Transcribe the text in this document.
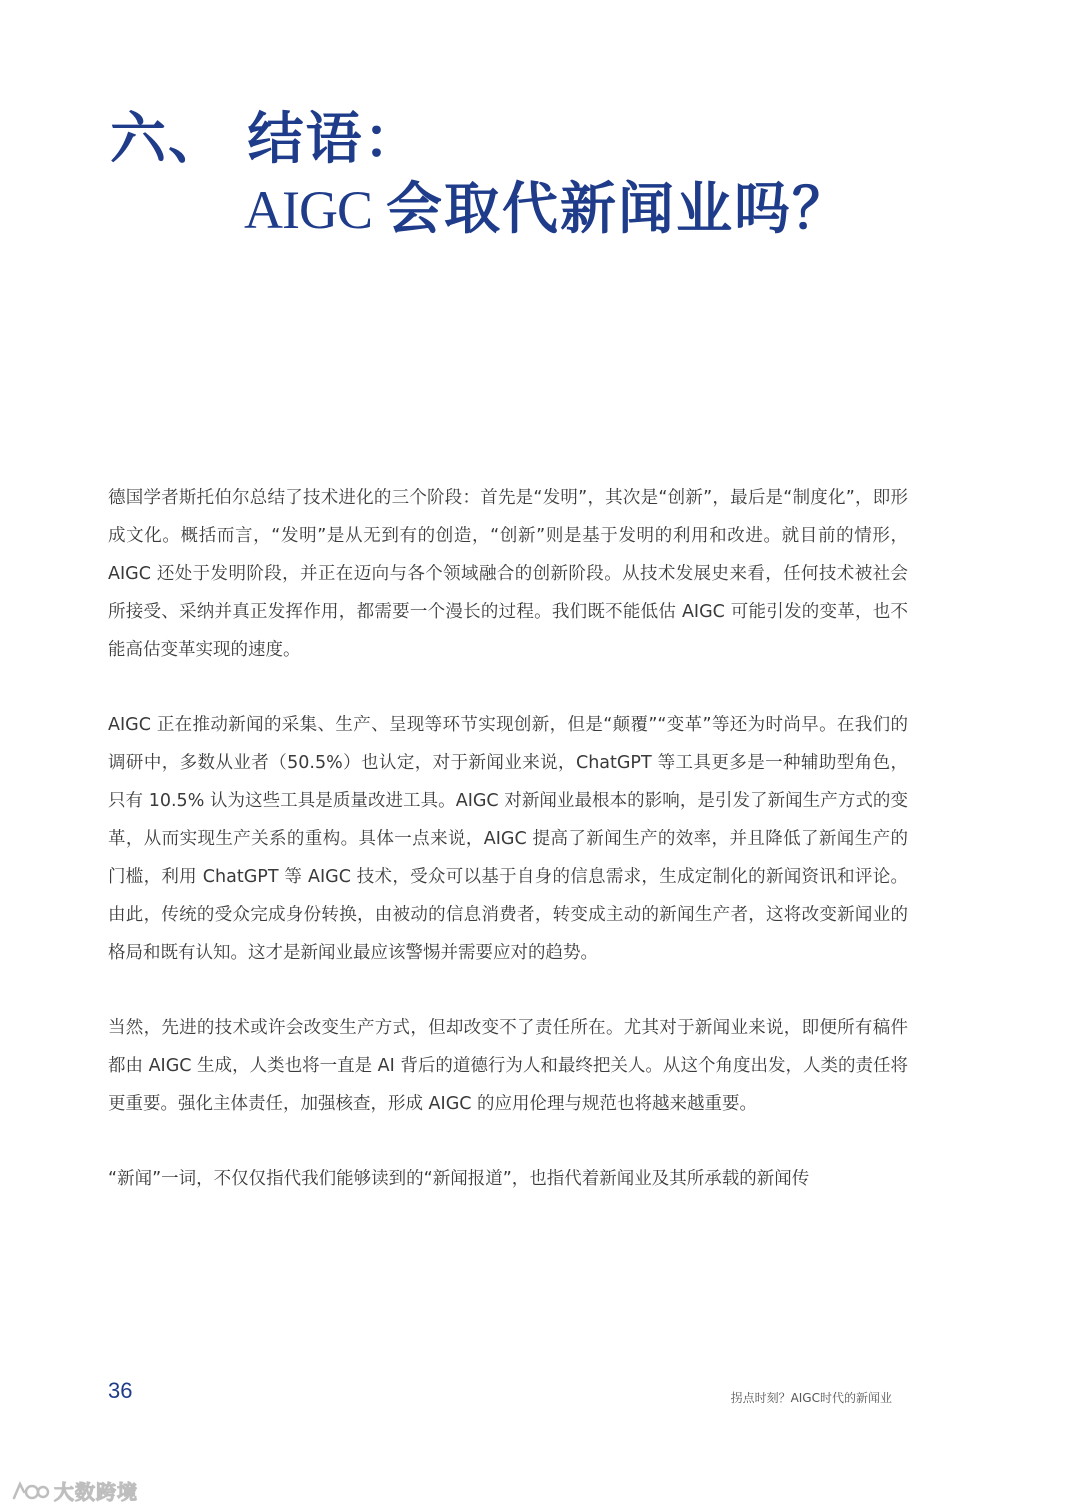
六、 结语：
AIGC 会取代新闻业吗？

德国学者斯托伯尔总结了技术进化的三个阶段：首先是“发明”，其次是“创新”，最后是“制度化”，即形成文化。概括而言，“发明”是从无到有的创造，“创新”则是基于发明的利用和改进。就目前的情形，AIGC 还处于发明阶段，并正在迈向与各个领域融合的创新阶段。从技术发展史来看，任何技术被社会所接受、采纳并真正发挥作用，都需要一个漫长的过程。我们既不能低估 AIGC 可能引发的变革，也不能高估变革实现的速度。

AIGC 正在推动新闻的采集、生产、呈现等环节实现创新，但是“颠覆”“变革”等还为时尚早。在我们的调研中，多数从业者（50.5%）也认定，对于新闻业来说，ChatGPT 等工具更多是一种辅助型角色，只有 10.5% 认为这些工具是质量改进工具。AIGC 对新闻业最根本的影响，是引发了新闻生产方式的变革，从而实现生产关系的重构。具体一点来说，AIGC 提高了新闻生产的效率，并且降低了新闻生产的门槛，利用 ChatGPT 等 AIGC 技术，受众可以基于自身的信息需求，生成定制化的新闻资讯和评论。由此，传统的受众完成身份转换，由被动的信息消费者，转变成主动的新闻生产者，这将改变新闻业的格局和既有认知。这才是新闻业最应该警惕并需要应对的趋势。

当然，先进的技术或许会改变生产方式，但却改变不了责任所在。尤其对于新闻业来说，即便所有稿件都由 AIGC 生成，人类也将一直是 AI 背后的道德行为人和最终把关人。从这个角度出发，人类的责任将更重要。强化主体责任，加强核查，形成 AIGC 的应用伦理与规范也将越来越重要。

“新闻”一词，不仅仅指代我们能够读到的“新闻报道”，也指代着新闻业及其所承载的新闻传

36	拐点时刻？AIGC时代的新闻业
大数跨境
